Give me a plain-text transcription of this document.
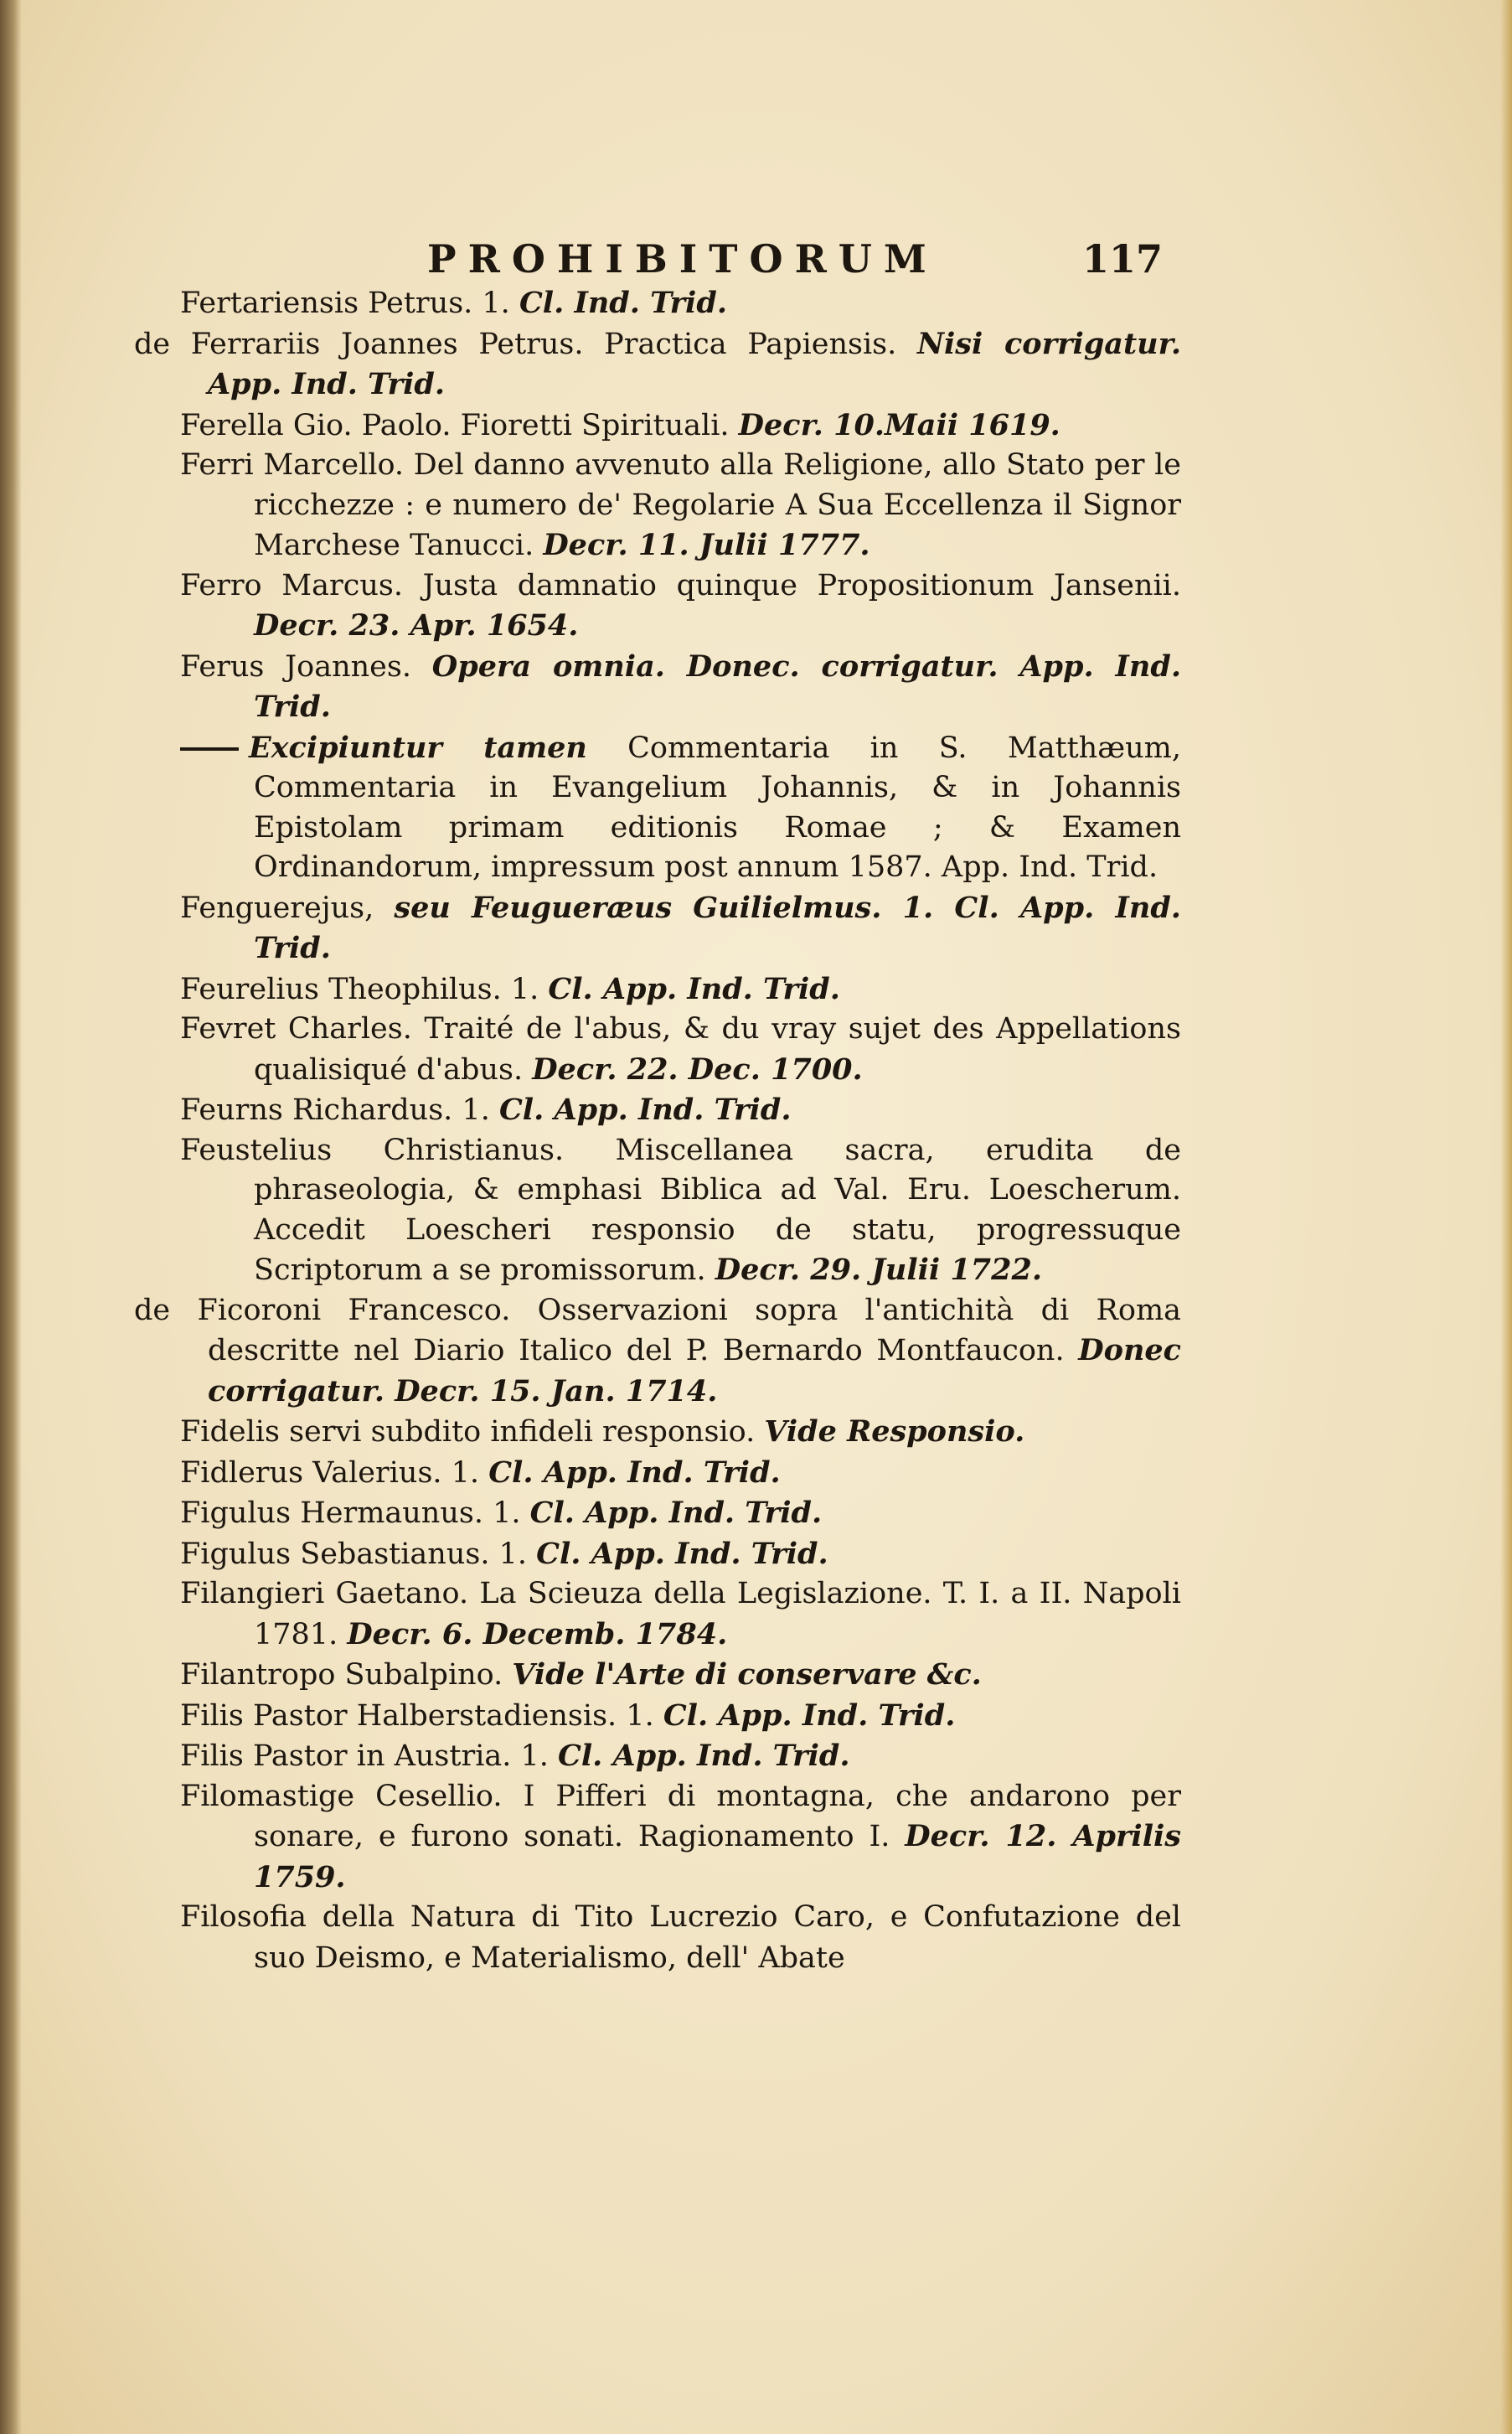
PROHIBITORUM	117
Fertariensis Petrus. 1. Cl. Ind. Trid.
de Ferrariis Joannes Petrus. Practica Papiensis. Nisi corrigatur. App. Ind. Trid.
Ferella Gio. Paolo. Fioretti Spirituali. Decr. 10.Maii 1619.
Ferri Marcello. Del danno avvenuto alla Religione, allo Stato per le ricchezze : e numero de' Regolarie A Sua Eccellenza il Signor Marchese Tanucci. Decr. 11. Julii 1777.
Ferro Marcus. Justa damnatio quinque Propositionum Jansenii. Decr. 23. Apr. 1654.
Ferus Joannes. Opera omnia. Donec. corrigatur. App. Ind. Trid.
Excipiuntur tamen Commentaria in S. Matthæum, Commentaria in Evangelium Johannis, & in Johannis Epistolam primam editionis Romae ; & Examen Ordinandorum, impressum post annum 1587. App. Ind. Trid.
Fenguerejus, seu Feugueræus Guilielmus. 1. Cl. App. Ind. Trid.
Feurelius Theophilus. 1. Cl. App. Ind. Trid.
Fevret Charles. Traité de l'abus, & du vray sujet des Appellations qualisiqué d'abus. Decr. 22. Dec. 1700.
Feurns Richardus. 1. Cl. App. Ind. Trid.
Feustelius Christianus. Miscellanea sacra, erudita de phraseologia, & emphasi Biblica ad Val. Eru. Loescherum. Accedit Loescheri responsio de statu, progressuque Scriptorum a se promissorum. Decr. 29. Julii 1722.
de Ficoroni Francesco. Osservazioni sopra l'antichità di Roma descritte nel Diario Italico del P. Bernardo Montfaucon. Donec corrigatur. Decr. 15. Jan. 1714.
Fidelis servi subdito infideli responsio. Vide Responsio.
Fidlerus Valerius. 1. Cl. App. Ind. Trid.
Figulus Hermaunus. 1. Cl. App. Ind. Trid.
Figulus Sebastianus. 1. Cl. App. Ind. Trid.
Filangieri Gaetano. La Scieuza della Legislazione. T. I. a II. Napoli 1781. Decr. 6. Decemb. 1784.
Filantropo Subalpino. Vide l'Arte di conservare &c.
Filis Pastor Halberstadiensis. 1. Cl. App. Ind. Trid.
Filis Pastor in Austria. 1. Cl. App. Ind. Trid.
Filomastige Cesellio. I Pifferi di montagna, che andarono per sonare, e furono sonati. Ragionamento I. Decr. 12. Aprilis 1759.
Filosofia della Natura di Tito Lucrezio Caro, e Confutazione del suo Deismo, e Materialismo, dell' Abate
